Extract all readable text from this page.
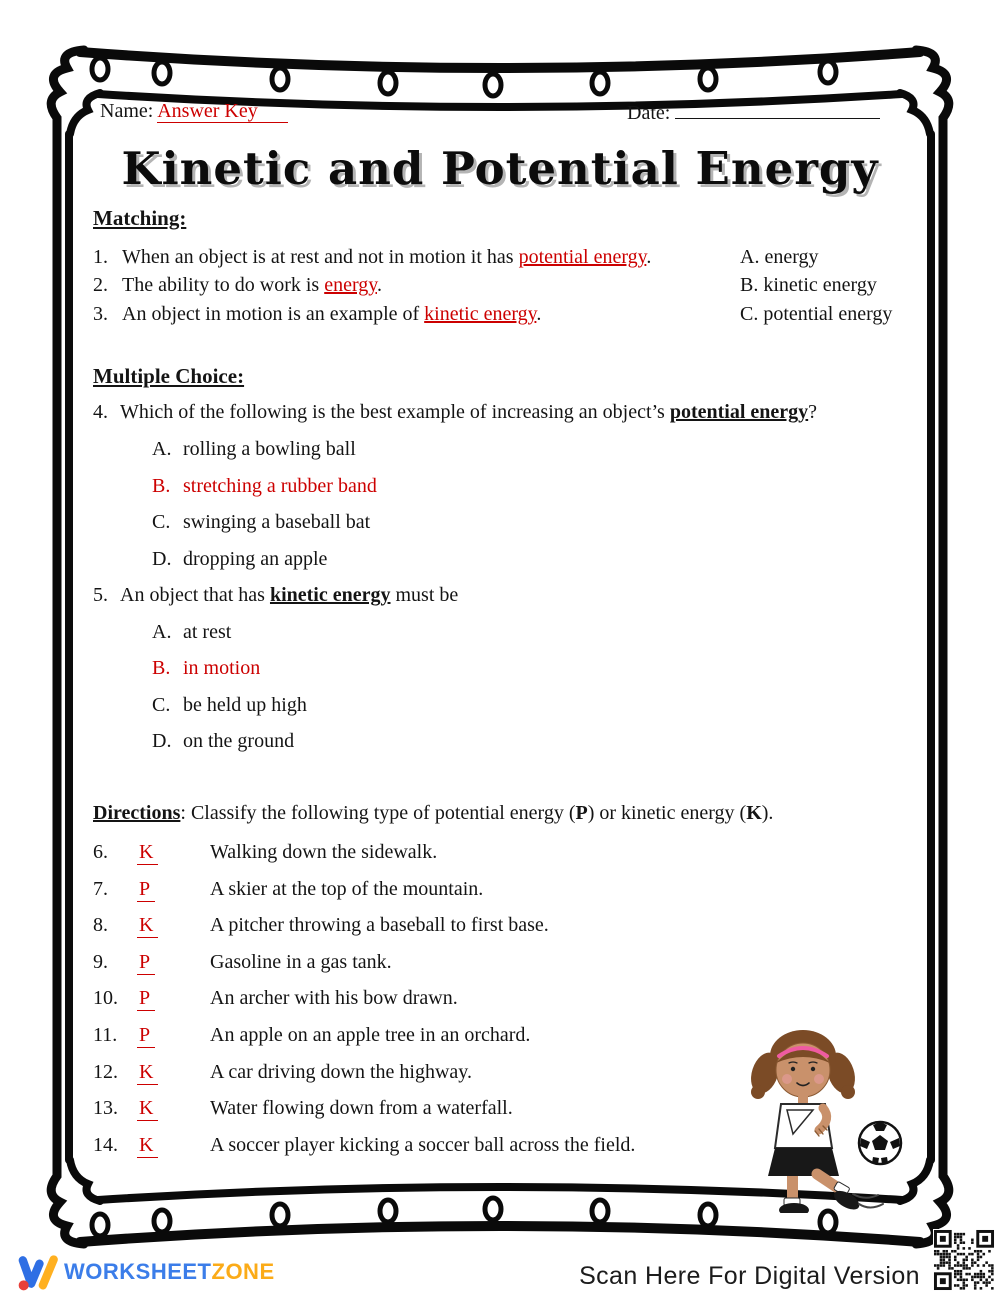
Name: Answer Key	Date:
Kinetic and Potential Energy
Matching:
1. When an object is at rest and not in motion it has potential energy.
2. The ability to do work is energy.
3. An object in motion is an example of kinetic energy.
A. energy
B. kinetic energy
C. potential energy
Multiple Choice:
4. Which of the following is the best example of increasing an object’s potential energy?
A. rolling a bowling ball
B. stretching a rubber band
C. swinging a baseball bat
D. dropping an apple
5. An object that has kinetic energy must be
A. at rest
B. in motion
C. be held up high
D. on the ground
Directions: Classify the following type of potential energy (P) or kinetic energy (K).
6. K	Walking down the sidewalk.
7. P	A skier at the top of the mountain.
8. K	A pitcher throwing a baseball to first base.
9. P	Gasoline in a gas tank.
10. P	An archer with his bow drawn.
11. P	An apple on an apple tree in an orchard.
12. K	A car driving down the highway.
13. K	Water flowing down from a waterfall.
14. K	A soccer player kicking a soccer ball across the field.
WORKSHEETZONE	Scan Here For Digital Version
